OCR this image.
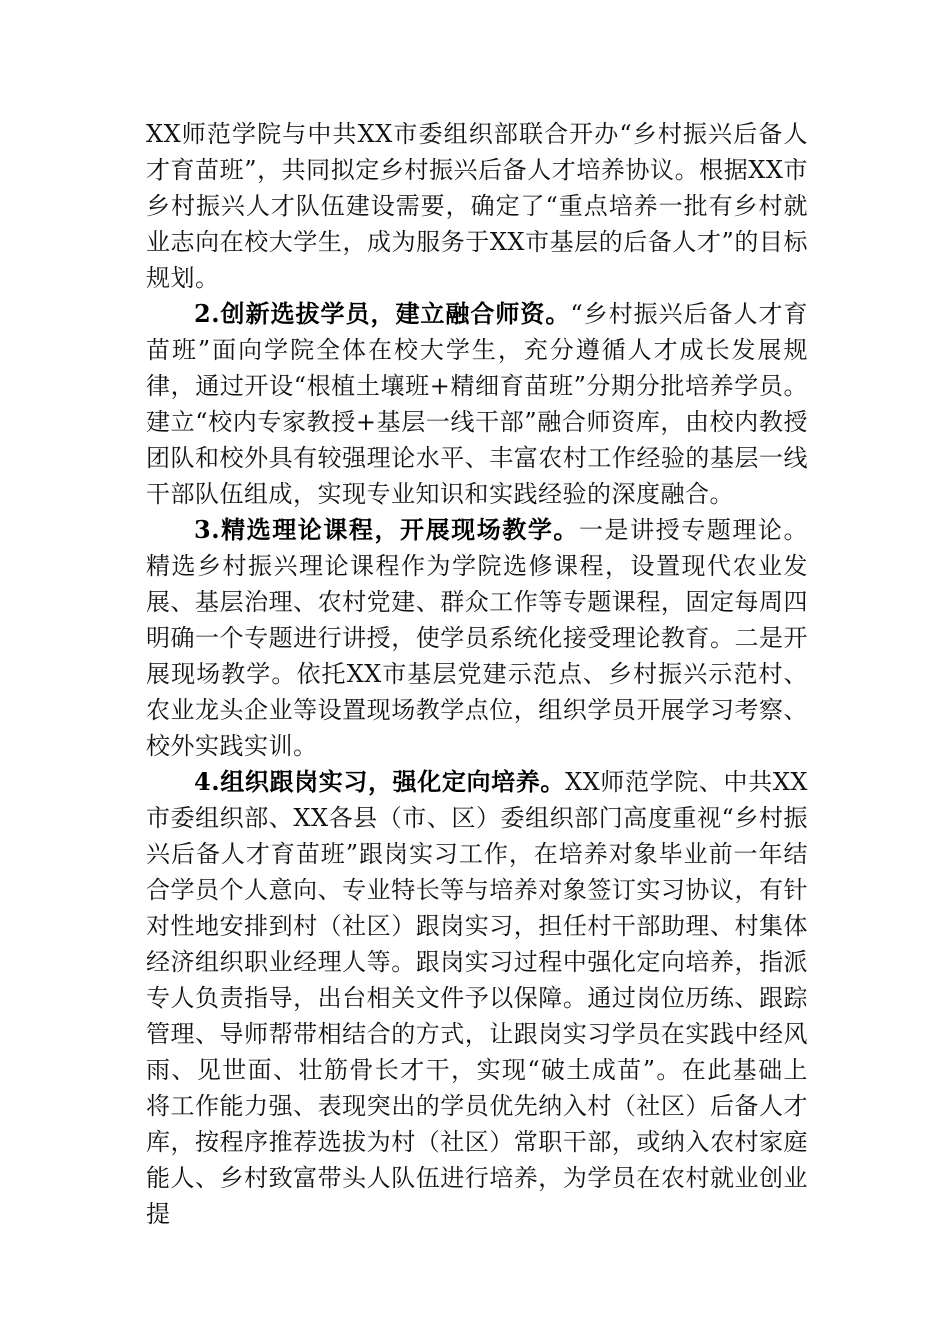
XX师范学院与中共XX市委组织部联合开办“乡村振兴后备人才育苗班”，共同拟定乡村振兴后备人才培养协议。根据XX市乡村振兴人才队伍建设需要，确定了“重点培养一批有乡村就业志向在校大学生，成为服务于XX市基层的后备人才”的目标规划。

2.创新选拔学员，建立融合师资。“乡村振兴后备人才育苗班”面向学院全体在校大学生，充分遵循人才成长发展规律，通过开设“根植土壤班+精细育苗班”分期分批培养学员。建立“校内专家教授+基层一线干部”融合师资库，由校内教授团队和校外具有较强理论水平、丰富农村工作经验的基层一线干部队伍组成，实现专业知识和实践经验的深度融合。

3.精选理论课程，开展现场教学。一是讲授专题理论。精选乡村振兴理论课程作为学院选修课程，设置现代农业发展、基层治理、农村党建、群众工作等专题课程，固定每周四明确一个专题进行讲授，使学员系统化接受理论教育。二是开展现场教学。依托XX市基层党建示范点、乡村振兴示范村、农业龙头企业等设置现场教学点位，组织学员开展学习考察、校外实践实训。

4.组织跟岗实习，强化定向培养。XX师范学院、中共XX市委组织部、XX各县（市、区）委组织部门高度重视“乡村振兴后备人才育苗班”跟岗实习工作，在培养对象毕业前一年结合学员个人意向、专业特长等与培养对象签订实习协议，有针对性地安排到村（社区）跟岗实习，担任村干部助理、村集体经济组织职业经理人等。跟岗实习过程中强化定向培养，指派专人负责指导，出台相关文件予以保障。通过岗位历练、跟踪管理、导师帮带相结合的方式，让跟岗实习学员在实践中经风雨、见世面、壮筋骨长才干，实现“破土成苗”。在此基础上将工作能力强、表现突出的学员优先纳入村（社区）后备人才库，按程序推荐选拔为村（社区）常职干部，或纳入农村家庭能人、乡村致富带头人队伍进行培养，为学员在农村就业创业提
